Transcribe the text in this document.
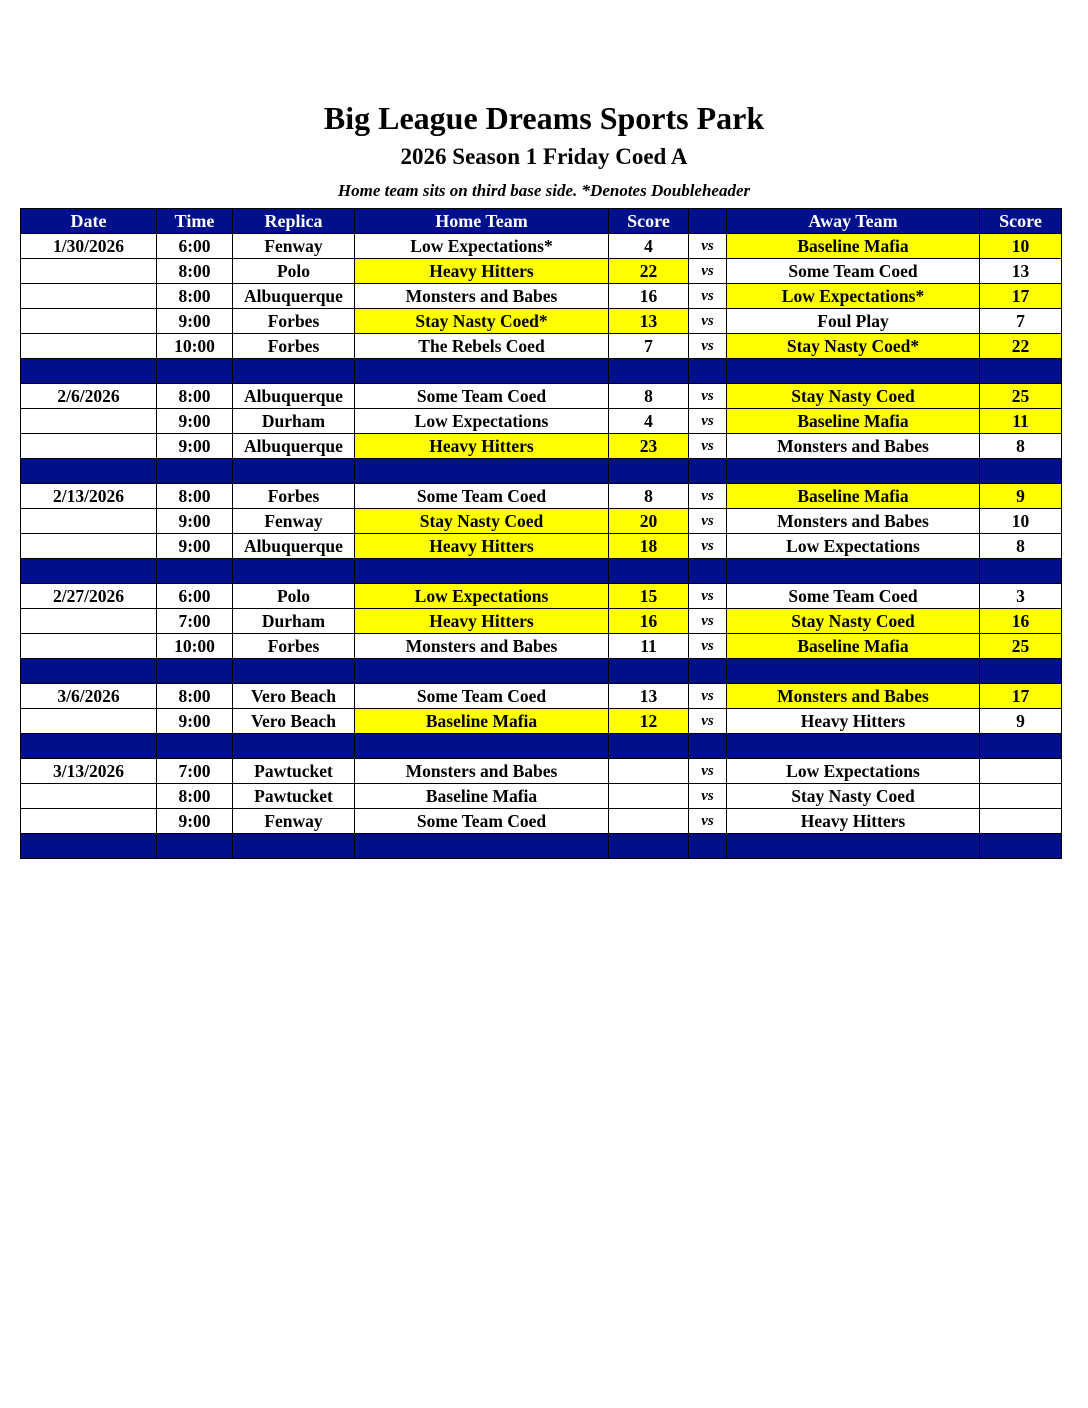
Big League Dreams Sports Park
2026 Season 1 Friday Coed A
Home team sits on third base side. *Denotes Doubleheader
Date	Time	Replica	Home Team	Score		Away Team	Score
1/30/2026	6:00	Fenway	Low Expectations*	4	vs	Baseline Mafia	10
	8:00	Polo	Heavy Hitters	22	vs	Some Team Coed	13
	8:00	Albuquerque	Monsters and Babes	16	vs	Low Expectations*	17
	9:00	Forbes	Stay Nasty Coed*	13	vs	Foul Play	7
	10:00	Forbes	The Rebels Coed	7	vs	Stay Nasty Coed*	22

2/6/2026	8:00	Albuquerque	Some Team Coed	8	vs	Stay Nasty Coed	25
	9:00	Durham	Low Expectations	4	vs	Baseline Mafia	11
	9:00	Albuquerque	Heavy Hitters	23	vs	Monsters and Babes	8

2/13/2026	8:00	Forbes	Some Team Coed	8	vs	Baseline Mafia	9
	9:00	Fenway	Stay Nasty Coed	20	vs	Monsters and Babes	10
	9:00	Albuquerque	Heavy Hitters	18	vs	Low Expectations	8

2/27/2026	6:00	Polo	Low Expectations	15	vs	Some Team Coed	3
	7:00	Durham	Heavy Hitters	16	vs	Stay Nasty Coed	16
	10:00	Forbes	Monsters and Babes	11	vs	Baseline Mafia	25

3/6/2026	8:00	Vero Beach	Some Team Coed	13	vs	Monsters and Babes	17
	9:00	Vero Beach	Baseline Mafia	12	vs	Heavy Hitters	9

3/13/2026	7:00	Pawtucket	Monsters and Babes		vs	Low Expectations	
	8:00	Pawtucket	Baseline Mafia		vs	Stay Nasty Coed	
	9:00	Fenway	Some Team Coed		vs	Heavy Hitters	
